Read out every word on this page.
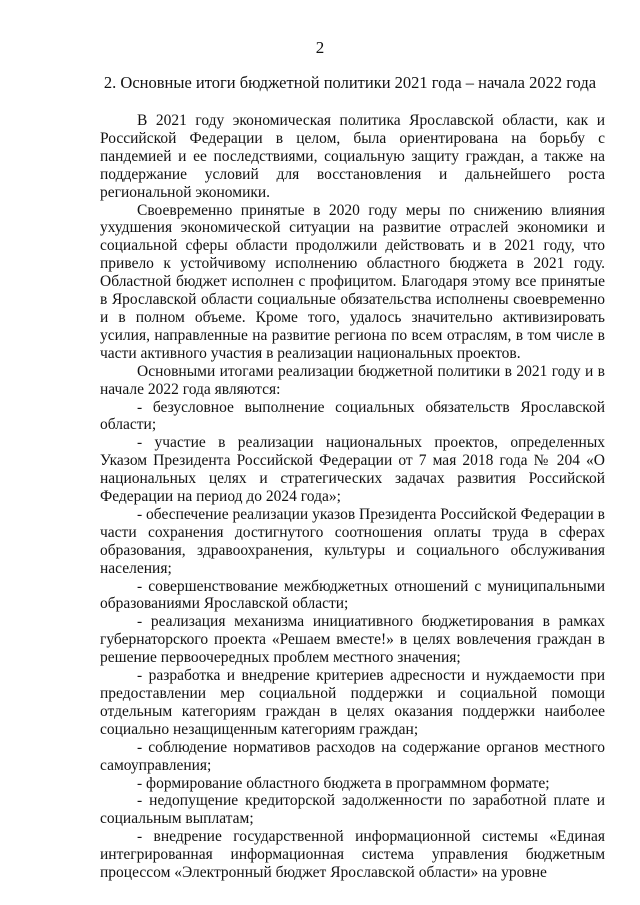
2
2. Основные итоги бюджетной политики 2021 года – начала 2022 года

В 2021 году экономическая политика Ярославской области, как и Российской Федерации в целом, была ориентирована на борьбу с пандемией и ее последствиями, социальную защиту граждан, а также на поддержание условий для восстановления и дальнейшего роста региональной экономики.

Своевременно принятые в 2020 году меры по снижению влияния ухудшения экономической ситуации на развитие отраслей экономики и социальной сферы области продолжили действовать и в 2021 году, что привело к устойчивому исполнению областного бюджета в 2021 году. Областной бюджет исполнен с профицитом. Благодаря этому все принятые в Ярославской области социальные обязательства исполнены своевременно и в полном объеме. Кроме того, удалось значительно активизировать усилия, направленные на развитие региона по всем отраслям, в том числе в части активного участия в реализации национальных проектов.

Основными итогами реализации бюджетной политики в 2021 году и в начале 2022 года являются:

- безусловное выполнение социальных обязательств Ярославской области;

- участие в реализации национальных проектов, определенных Указом Президента Российской Федерации от 7 мая 2018 года № 204 «О национальных целях и стратегических задачах развития Российской Федерации на период до 2024 года»;

- обеспечение реализации указов Президента Российской Федерации в части сохранения достигнутого соотношения оплаты труда в сферах образования, здравоохранения, культуры и социального обслуживания населения;

- совершенствование межбюджетных отношений с муниципальными образованиями Ярославской области;

- реализация механизма инициативного бюджетирования в рамках губернаторского проекта «Решаем вместе!» в целях вовлечения граждан в решение первоочередных проблем местного значения;

- разработка и внедрение критериев адресности и нуждаемости при предоставлении мер социальной поддержки и социальной помощи отдельным категориям граждан в целях оказания поддержки наиболее социально незащищенным категориям граждан;

- соблюдение нормативов расходов на содержание органов местного самоуправления;

- формирование областного бюджета в программном формате;

- недопущение кредиторской задолженности по заработной плате и социальным выплатам;

- внедрение государственной информационной системы «Единая интегрированная информационная система управления бюджетным процессом «Электронный бюджет Ярославской области» на уровне
